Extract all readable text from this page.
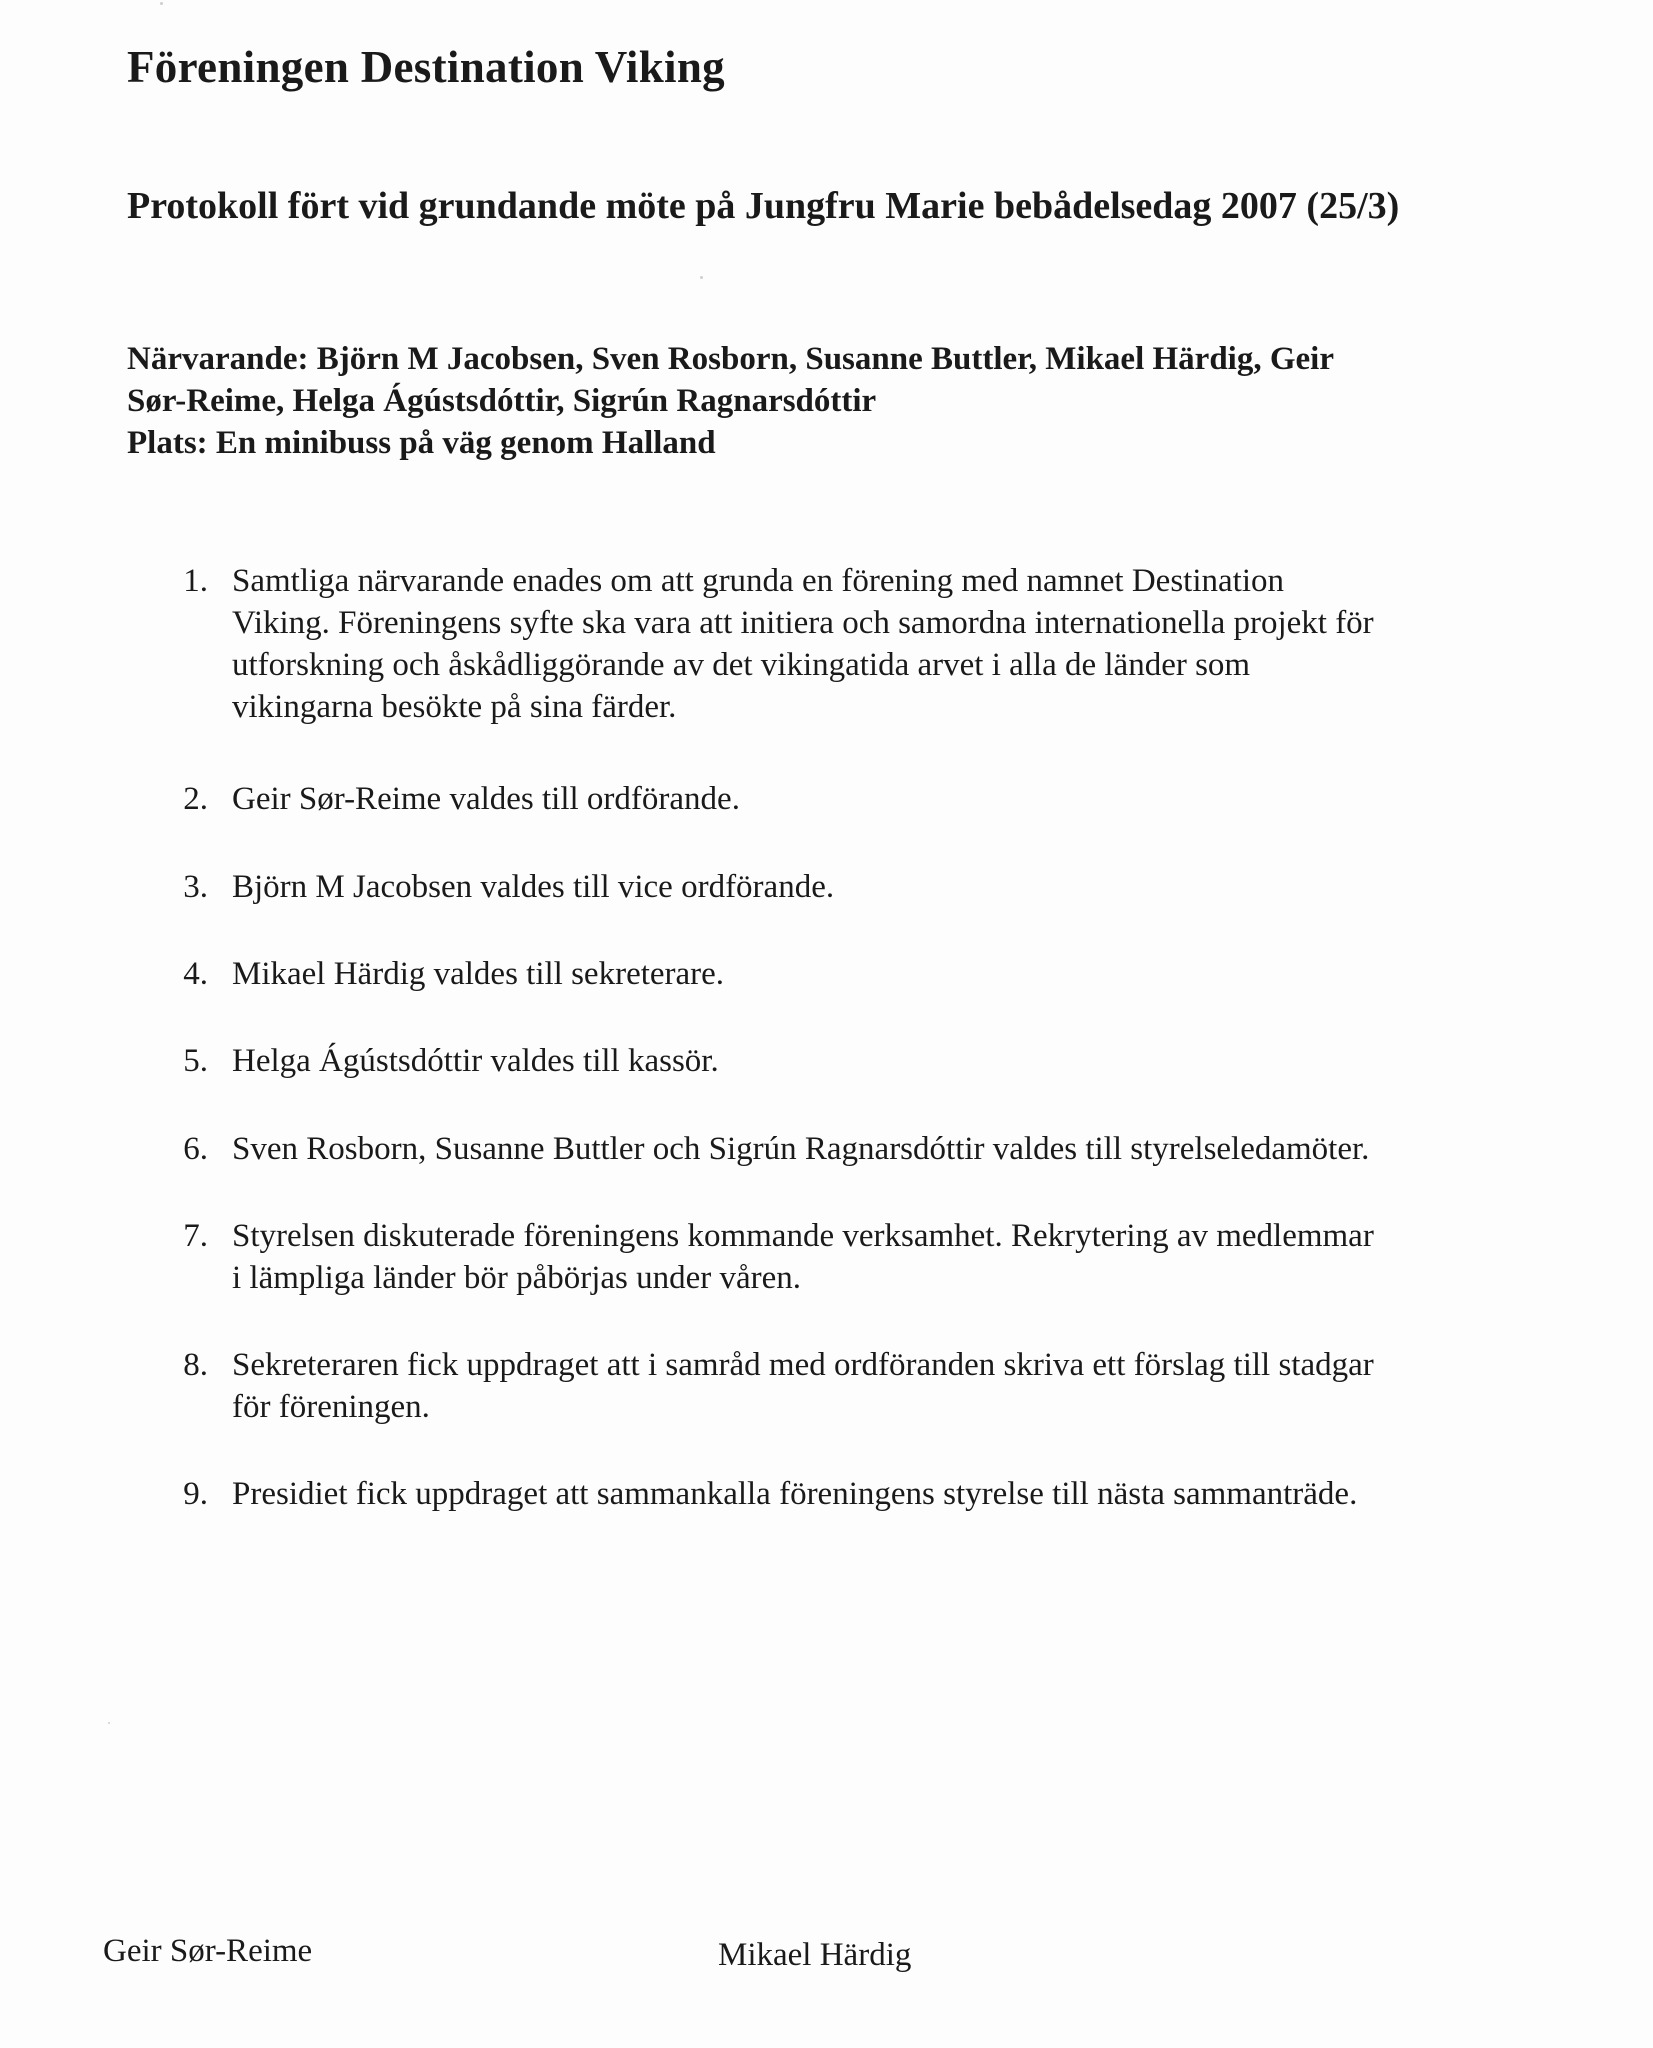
Föreningen Destination Viking
Protokoll fört vid grundande möte på Jungfru Marie bebådelsedag 2007 (25/3)
Närvarande: Björn M Jacobsen, Sven Rosborn, Susanne Buttler, Mikael Härdig, Geir
Sør-Reime, Helga Ágústsdóttir, Sigrún Ragnarsdóttir
Plats: En minibuss på väg genom Halland
1. Samtliga närvarande enades om att grunda en förening med namnet Destination
Viking. Föreningens syfte ska vara att initiera och samordna internationella projekt för
utforskning och åskådliggörande av det vikingatida arvet i alla de länder som
vikingarna besökte på sina färder.
2. Geir Sør-Reime valdes till ordförande.
3. Björn M Jacobsen valdes till vice ordförande.
4. Mikael Härdig valdes till sekreterare.
5. Helga Ágústsdóttir valdes till kassör.
6. Sven Rosborn, Susanne Buttler och Sigrún Ragnarsdóttir valdes till styrelseledamöter.
7. Styrelsen diskuterade föreningens kommande verksamhet. Rekrytering av medlemmar
i lämpliga länder bör påbörjas under våren.
8. Sekreteraren fick uppdraget att i samråd med ordföranden skriva ett förslag till stadgar
för föreningen.
9. Presidiet fick uppdraget att sammankalla föreningens styrelse till nästa sammanträde.
Geir Sør-Reime	Mikael Härdig
